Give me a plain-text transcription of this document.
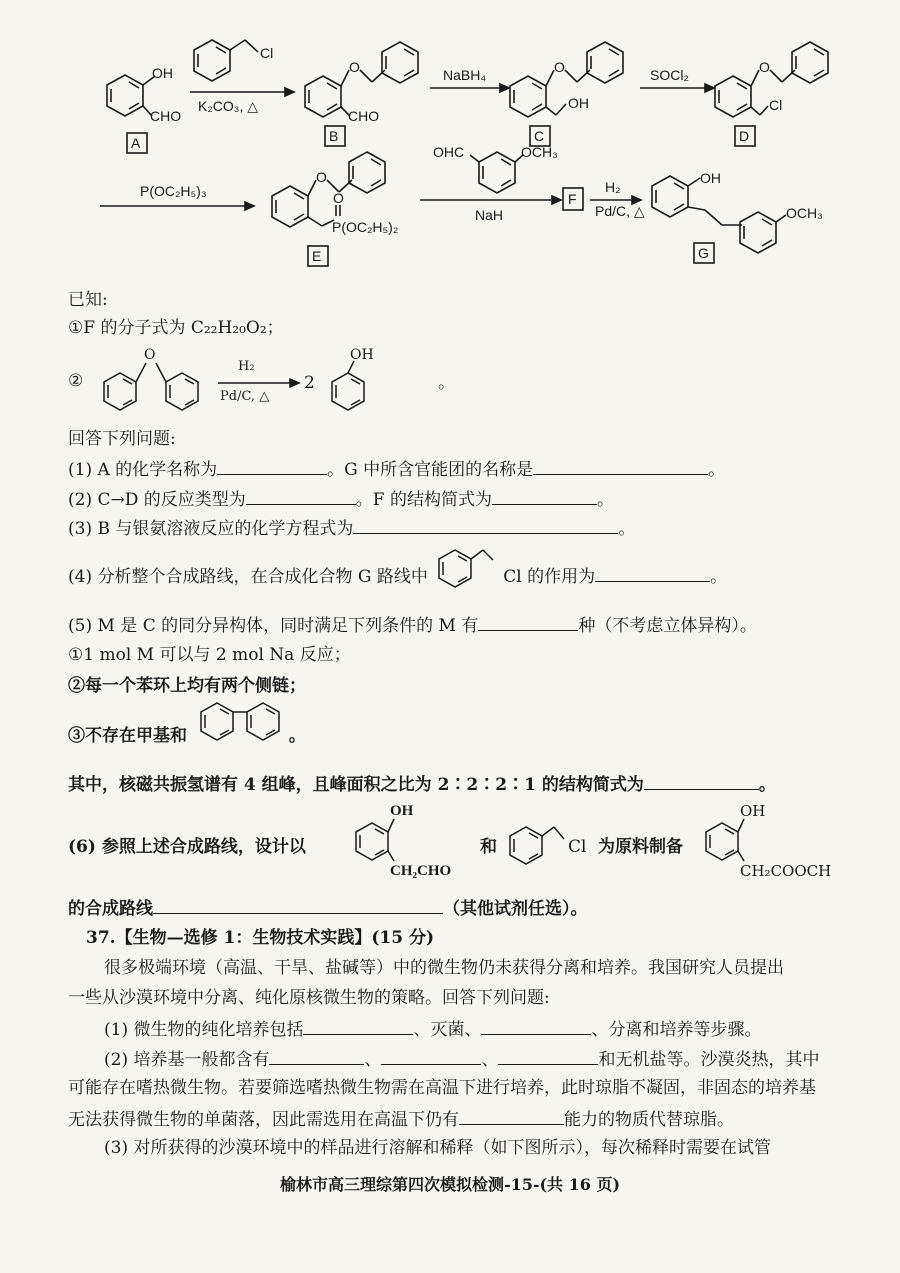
OH
CHO
A
Cl
K₂CO₃, △
O
CHO
B
NaBH₄	O
OH
C
SOCl₂	O
Cl
D
P(OC₂H₅)₃
O
O
P(OC₂H₅)₂
E
OHC	OCH₃
NaH
F
H₂
Pd/C, △
OH
OCH₃
G
已知:
①F 的分子式为 C₂₂H₂₀O₂；
②
O
H₂
Pd/C, △
2
OH
。
回答下列问题:
(1) A 的化学名称为	。G 中所含官能团的名称是	。
(2) C→D 的反应类型为	。F 的结构简式为	。
(3) B 与银氨溶液反应的化学方程式为	。
(4) 分析整个合成路线，在合成化合物 G 路线中	Cl 的作用为	。
(5) M 是 C 的同分异构体，同时满足下列条件的 M 有	种（不考虑立体异构）。
①1 mol M 可以与 2 mol Na 反应；
②每一个苯环上均有两个侧链；
③不存在甲基和	。
其中，核磁共振氢谱有 4 组峰，且峰面积之比为 2∶2∶2∶1 的结构简式为	。
(6) 参照上述合成路线，设计以
OH
CH₂CHO
和	Cl 为原料制备
OH
CH₂COOCH
的合成路线	（其他试剂任选）。
37.【生物—选修 1：生物技术实践】(15 分)
很多极端环境（高温、干旱、盐碱等）中的微生物仍未获得分离和培养。我国研究人员提出
一些从沙漠环境中分离、纯化原核微生物的策略。回答下列问题:
(1) 微生物的纯化培养包括	、灭菌、	、分离和培养等步骤。
(2) 培养基一般都含有	、	、	和无机盐等。沙漠炎热，其中
可能存在嗜热微生物。若要筛选嗜热微生物需在高温下进行培养，此时琼脂不凝固，非固态的培养基
无法获得微生物的单菌落，因此需选用在高温下仍有	能力的物质代替琼脂。
(3) 对所获得的沙漠环境中的样品进行溶解和稀释（如下图所示），每次稀释时需要在试管
榆林市高三理综第四次模拟检测-15-(共 16 页)
